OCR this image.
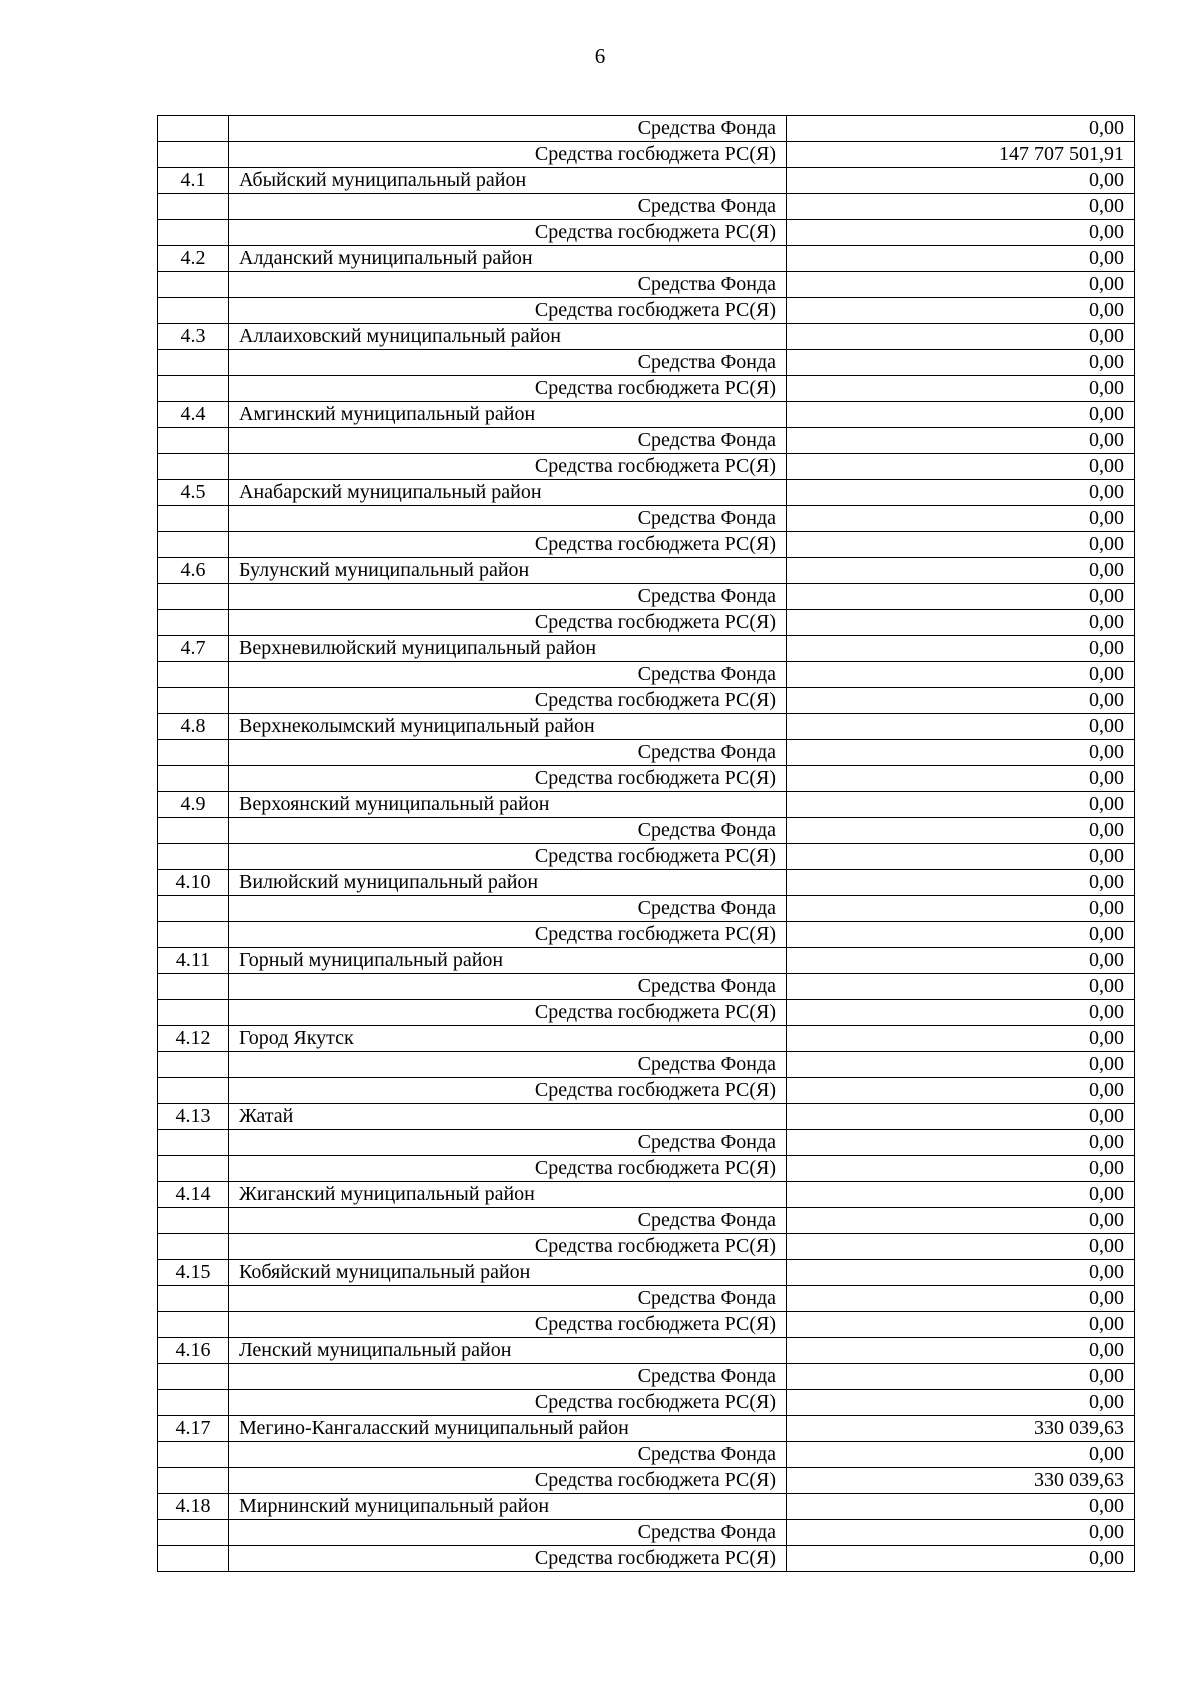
6
	Средства Фонда	0,00
	Средства госбюджета РС(Я)	147 707 501,91
4.1	Абыйский муниципальный район	0,00
	Средства Фонда	0,00
	Средства госбюджета РС(Я)	0,00
4.2	Алданский муниципальный район	0,00
	Средства Фонда	0,00
	Средства госбюджета РС(Я)	0,00
4.3	Аллаиховский муниципальный район	0,00
	Средства Фонда	0,00
	Средства госбюджета РС(Я)	0,00
4.4	Амгинский муниципальный район	0,00
	Средства Фонда	0,00
	Средства госбюджета РС(Я)	0,00
4.5	Анабарский муниципальный район	0,00
	Средства Фонда	0,00
	Средства госбюджета РС(Я)	0,00
4.6	Булунский муниципальный район	0,00
	Средства Фонда	0,00
	Средства госбюджета РС(Я)	0,00
4.7	Верхневилюйский муниципальный район	0,00
	Средства Фонда	0,00
	Средства госбюджета РС(Я)	0,00
4.8	Верхнеколымский муниципальный район	0,00
	Средства Фонда	0,00
	Средства госбюджета РС(Я)	0,00
4.9	Верхоянский муниципальный район	0,00
	Средства Фонда	0,00
	Средства госбюджета РС(Я)	0,00
4.10	Вилюйский муниципальный район	0,00
	Средства Фонда	0,00
	Средства госбюджета РС(Я)	0,00
4.11	Горный муниципальный район	0,00
	Средства Фонда	0,00
	Средства госбюджета РС(Я)	0,00
4.12	Город Якутск	0,00
	Средства Фонда	0,00
	Средства госбюджета РС(Я)	0,00
4.13	Жатай	0,00
	Средства Фонда	0,00
	Средства госбюджета РС(Я)	0,00
4.14	Жиганский муниципальный район	0,00
	Средства Фонда	0,00
	Средства госбюджета РС(Я)	0,00
4.15	Кобяйский муниципальный район	0,00
	Средства Фонда	0,00
	Средства госбюджета РС(Я)	0,00
4.16	Ленский муниципальный район	0,00
	Средства Фонда	0,00
	Средства госбюджета РС(Я)	0,00
4.17	Мегино-Кангаласский муниципальный район	330 039,63
	Средства Фонда	0,00
	Средства госбюджета РС(Я)	330 039,63
4.18	Мирнинский муниципальный район	0,00
	Средства Фонда	0,00
	Средства госбюджета РС(Я)	0,00
